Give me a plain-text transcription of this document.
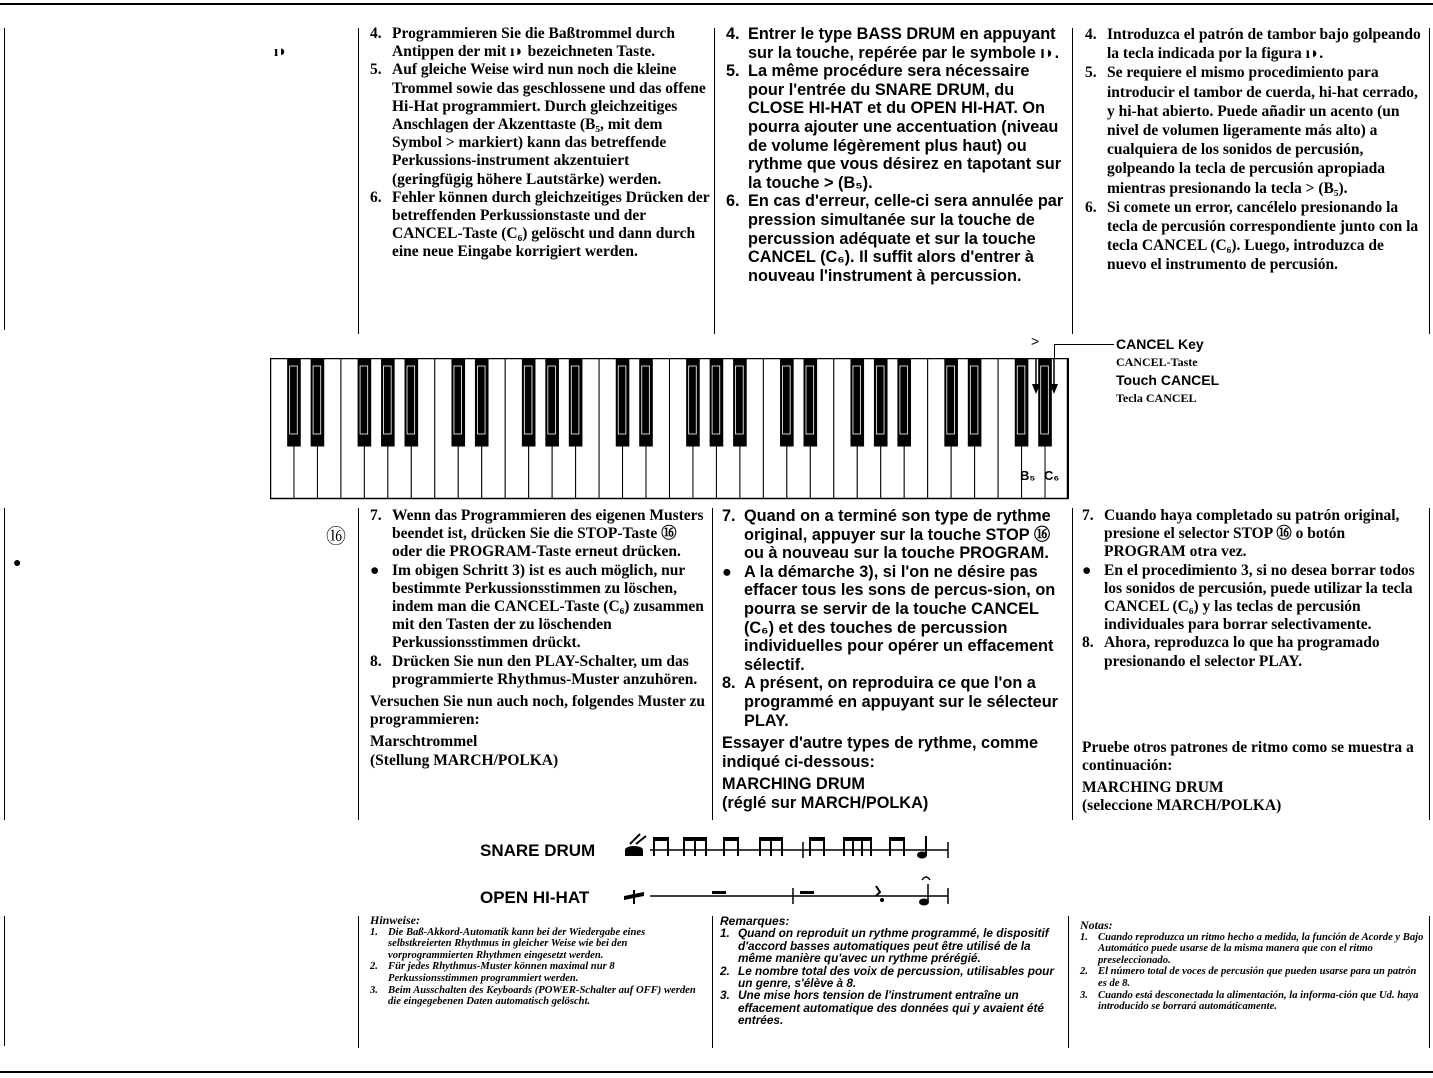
ı◗
⑯
●
4. Programmieren Sie die Baßtrommel durch Antippen der mit ı◗ bezeichneten Taste.
5. Auf gleiche Weise wird nun noch die kleine Trommel sowie das geschlossene und das offene Hi-Hat programmiert. Durch gleichzeitiges Anschlagen der Akzenttaste (B₅, mit dem Symbol > markiert) kann das betreffende Perkussions-instrument akzentuiert (geringfügig höhere Lautstärke) werden.
6. Fehler können durch gleichzeitiges Drücken der betreffenden Perkussionstaste und der CANCEL-Taste (C₆) gelöscht und dann durch eine neue Eingabe korrigiert werden.
4. Entrer le type BASS DRUM en appuyant sur la touche, repérée par le symbole ı◗.
5. La même procédure sera nécessaire pour l'entrée du SNARE DRUM, du CLOSE HI-HAT et du OPEN HI-HAT. On pourra ajouter une accentuation (niveau de volume légèrement plus haut) ou rythme que vous désirez en tapotant sur la touche > (B₅).
6. En cas d'erreur, celle-ci sera annulée par pression simultanée sur la touche de percussion adéquate et sur la touche CANCEL (C₆). Il suffit alors d'entrer à nouveau l'instrument à percussion.
4. Introduzca el patrón de tambor bajo golpeando la tecla indicada por la figura ı◗.
5. Se requiere el mismo procedimiento para introducir el tambor de cuerda, hi-hat cerrado, y hi-hat abierto. Puede añadir un acento (un nivel de volumen ligeramente más alto) a cualquiera de los sonidos de percusión, golpeando la tecla de percusión apropiada mientras presionando la tecla > (B₅).
6. Si comete un error, cancélelo presionando la tecla de percusión correspondiente junto con la tecla CANCEL (C₆). Luego, introduzca de nuevo el instrumento de percusión.
B₅ C₆
>	CANCEL Key
CANCEL-Taste
Touch CANCEL
Tecla CANCEL
7. Wenn das Programmieren des eigenen Musters beendet ist, drücken Sie die STOP-Taste ⑯ oder die PROGRAM-Taste erneut drücken.
● Im obigen Schritt 3) ist es auch möglich, nur bestimmte Perkussionsstimmen zu löschen, indem man die CANCEL-Taste (C₆) zusammen mit den Tasten der zu löschenden Perkussionsstimmen drückt.
8. Drücken Sie nun den PLAY-Schalter, um das programmierte Rhythmus-Muster anzuhören.
Versuchen Sie nun auch noch, folgendes Muster zu programmieren:
Marschtrommel
(Stellung MARCH/POLKA)
7. Quand on a terminé son type de rythme original, appuyer sur la touche STOP ⑯ ou à nouveau sur la touche PROGRAM.
● A la démarche 3), si l'on ne désire pas effacer tous les sons de percus-sion, on pourra se servir de la touche CANCEL (C₆) et des touches de percussion individuelles pour opérer un effacement sélectif.
8. A présent, on reproduira ce que l'on a programmé en appuyant sur le sélecteur PLAY.
Essayer d'autre types de rythme, comme indiqué ci-dessous:
MARCHING DRUM
(réglé sur MARCH/POLKA)
7. Cuando haya completado su patrón original, presione el selector STOP ⑯ o botón PROGRAM otra vez.
● En el procedimiento 3, si no desea borrar todos los sonidos de percusión, puede utilizar la tecla CANCEL (C₆) y las teclas de percusión individuales para borrar selectivamente.
8. Ahora, reproduzca lo que ha programado presionando el selector PLAY.
Pruebe otros patrones de ritmo como se muestra a continuación:
MARCHING DRUM
(seleccione MARCH/POLKA)
SNARE DRUM
OPEN HI-HAT
Hinweise:
1. Die Baß-Akkord-Automatik kann bei der Wiedergabe eines selbstkreierten Rhythmus in gleicher Weise wie bei den vorprogrammierten Rhythmen eingesetzt werden.
2. Für jedes Rhythmus-Muster können maximal nur 8 Perkussionsstimmen programmiert werden.
3. Beim Ausschalten des Keyboards (POWER-Schalter auf OFF) werden die eingegebenen Daten automatisch gelöscht.
Remarques:
1. Quand on reproduit un rythme programmé, le dispositif d'accord basses automatiques peut être utilisé de la même manière qu'avec un rythme prérégié.
2. Le nombre total des voix de percussion, utilisables pour un genre, s'élève à 8.
3. Une mise hors tension de l'instrument entraîne un effacement automatique des données qui y avaient été entrées.
Notas:
1. Cuando reproduzca un ritmo hecho a medida, la función de Acorde y Bajo Automático puede usarse de la misma manera que con el ritmo preseleccionado.
2. El número total de voces de percusión que pueden usarse para un patrón es de 8.
3. Cuando está desconectada la alimentación, la informa-ción que Ud. haya introducido se borrará automáticamente.
